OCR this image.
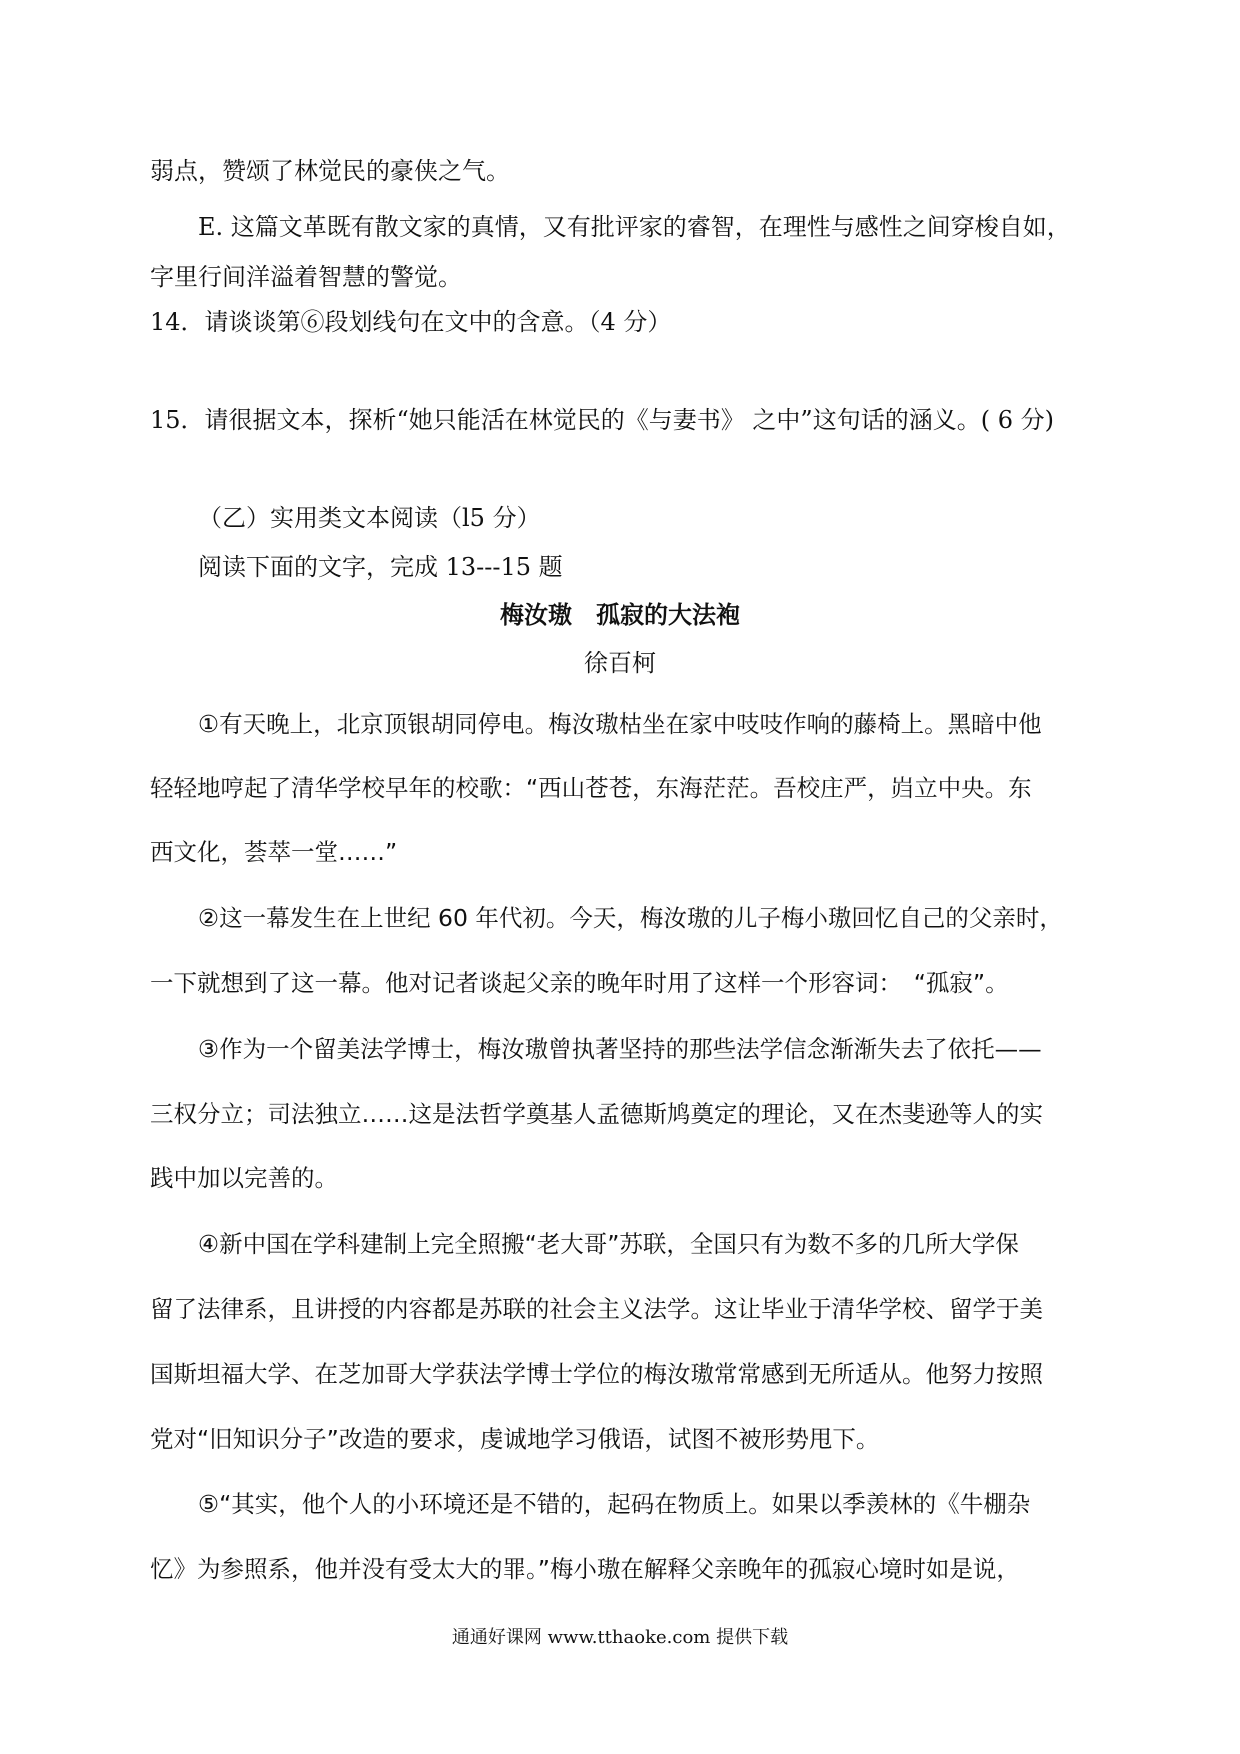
弱点，赞颂了林觉民的豪侠之气。

E. 这篇文革既有散文家的真情，又有批评家的睿智，在理性与感性之间穿梭自如，

字里行间洋溢着智慧的警觉。

14．请谈谈第⑥段划线句在文中的含意。（4 分）

15．请很据文本，探析“她只能活在林觉民的《与妻书》 之中”这句话的涵义。( 6 分)

（乙）实用类文本阅读（l5 分）

阅读下面的文字，完成 13---15 题

梅汝璈　孤寂的大法袍
徐百柯

①有天晚上，北京顶银胡同停电。梅汝璈枯坐在家中吱吱作响的藤椅上。黑暗中他

轻轻地哼起了清华学校早年的校歌：“西山苍苍，东海茫茫。吾校庄严，岿立中央。东

西文化，荟萃一堂……”

②这一幕发生在上世纪 60 年代初。今天，梅汝璈的儿子梅小璈回忆自己的父亲时，

一下就想到了这一幕。他对记者谈起父亲的晚年时用了这样一个形容词：　“孤寂”。

③作为一个留美法学博士，梅汝璈曾执著坚持的那些法学信念渐渐失去了依托——

三权分立；司法独立……这是法哲学奠基人孟德斯鸠奠定的理论，又在杰斐逊等人的实

践中加以完善的。

④新中国在学科建制上完全照搬“老大哥”苏联，全国只有为数不多的几所大学保

留了法律系，且讲授的内容都是苏联的社会主义法学。这让毕业于清华学校、留学于美

国斯坦福大学、在芝加哥大学获法学博士学位的梅汝璈常常感到无所适从。他努力按照

党对“旧知识分子”改造的要求，虔诚地学习俄语，试图不被形势甩下。

⑤“其实，他个人的小环境还是不错的，起码在物质上。如果以季羡林的《牛棚杂

忆》为参照系，他并没有受太大的罪。”梅小璈在解释父亲晚年的孤寂心境时如是说，

通通好课网 www.tthaoke.com 提供下载
